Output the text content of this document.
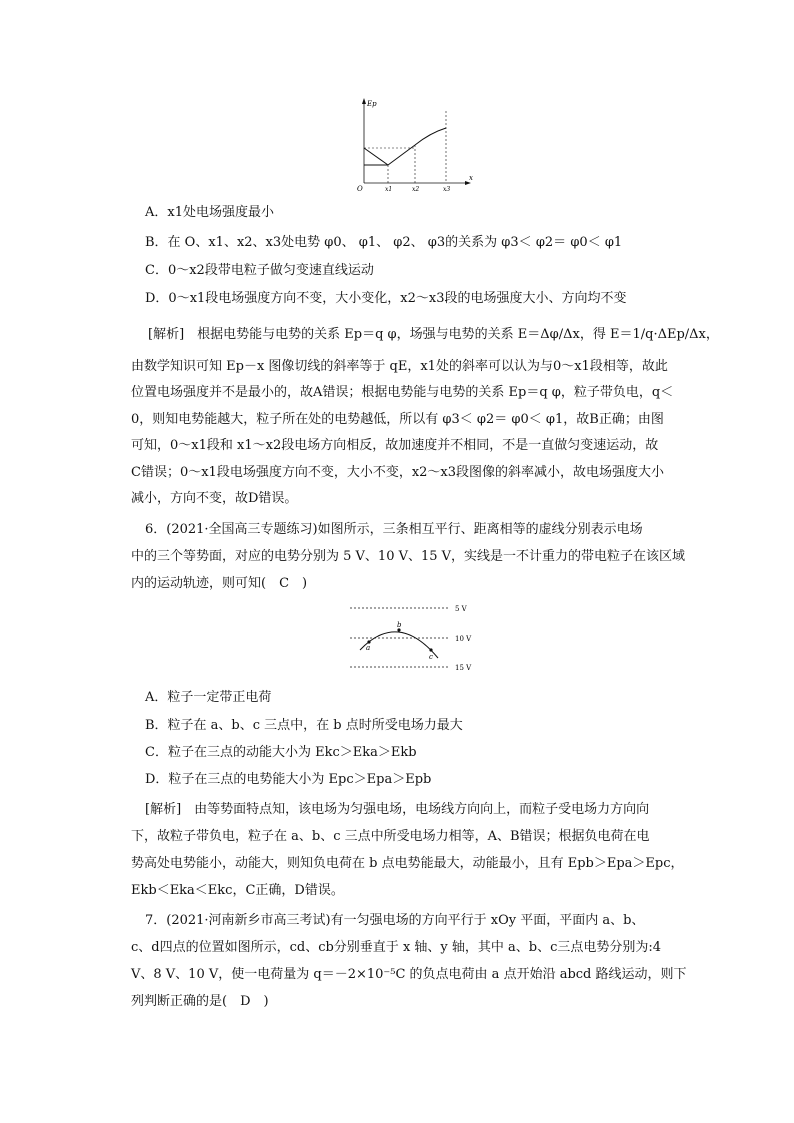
Ep
O
x
x1	x2	x3
A．x1处电场强度最小
B．在 O、x1、x2、x3处电势 φ0、 φ1、 φ2、 φ3的关系为 φ3＜ φ2＝ φ0＜ φ1
C．0～x2段带电粒子做匀变速直线运动
D．0～x1段电场强度方向不变，大小变化，x2～x3段的电场强度大小、方向均不变
[解析]　根据电势能与电势的关系 Ep＝q φ，场强与电势的关系 E＝Δφ/Δx，得 E＝1/q·ΔEp/Δx，
由数学知识可知 Ep－x 图像切线的斜率等于 qE，x1处的斜率可以认为与0～x1段相等，故此
位置电场强度并不是最小的，故A错误；根据电势能与电势的关系 Ep＝q φ，粒子带负电，q＜
0，则知电势能越大，粒子所在处的电势越低，所以有 φ3＜ φ2＝ φ0＜ φ1，故B正确；由图
可知，0～x1段和 x1～x2段电场方向相反，故加速度并不相同，不是一直做匀变速运动，故
C错误；0～x1段电场强度方向不变，大小不变，x2～x3段图像的斜率减小，故电场强度大小
减小，方向不变，故D错误。
6．(2021·全国高三专题练习)如图所示，三条相互平行、距离相等的虚线分别表示电场
中的三个等势面，对应的电势分别为 5 V、10 V、15 V，实线是一不计重力的带电粒子在该区域
内的运动轨迹，则可知(　C　)
a
b
c
5 V
10 V
15 V
A．粒子一定带正电荷
B．粒子在 a、b、c 三点中，在 b 点时所受电场力最大
C．粒子在三点的动能大小为 Ekc＞Eka＞Ekb
D．粒子在三点的电势能大小为 Epc＞Epa＞Epb
[解析]　由等势面特点知，该电场为匀强电场，电场线方向向上，而粒子受电场力方向向
下，故粒子带负电，粒子在 a、b、c 三点中所受电场力相等，A、B错误；根据负电荷在电
势高处电势能小，动能大，则知负电荷在 b 点电势能最大，动能最小，且有 Epb＞Epa＞Epc，
Ekb＜Eka＜Ekc，C正确，D错误。
7．(2021·河南新乡市高三考试)有一匀强电场的方向平行于 xOy 平面，平面内 a、b、
c、d四点的位置如图所示，cd、cb分别垂直于 x 轴、y 轴，其中 a、b、c三点电势分别为:4
V、8 V、10 V，使一电荷量为 q＝－2×10⁻⁵C 的负点电荷由 a 点开始沿 abcd 路线运动，则下
列判断正确的是(　D　)
